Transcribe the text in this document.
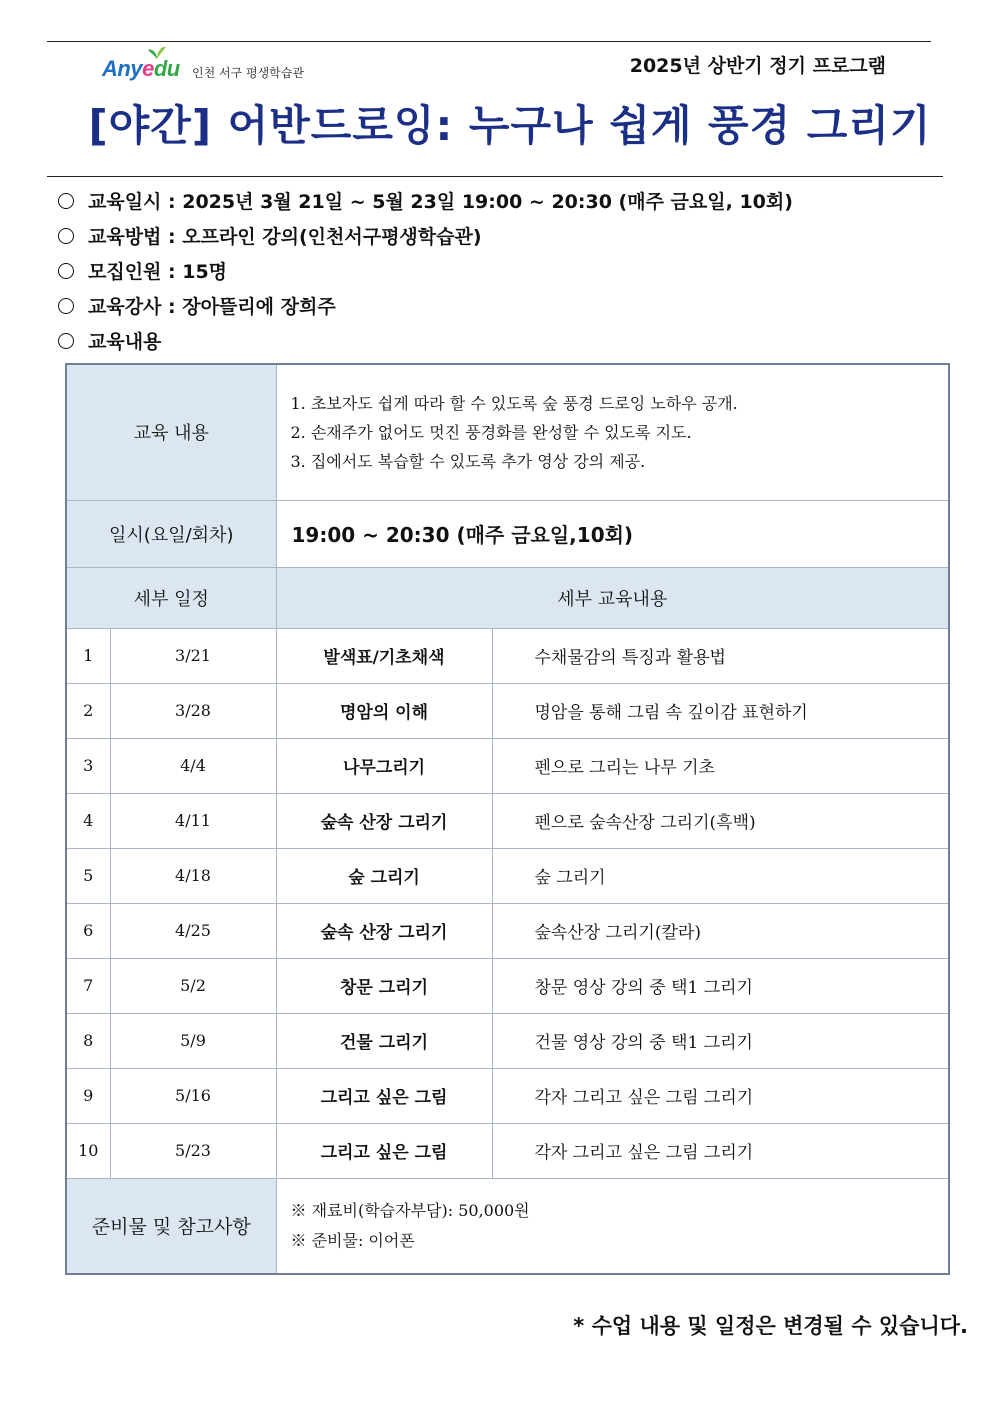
Anyedu 인천 서구 평생학습관	2025년 상반기 정기 프로그램
[야간] 어반드로잉: 누구나 쉽게 풍경 그리기
교육일시 : 2025년 3월 21일 ~ 5월 23일 19:00 ~ 20:30 (매주 금요일, 10회)
교육방법 : 오프라인 강의(인천서구평생학습관)
모집인원 : 15명
교육강사 : 장아뜰리에 장희주
교육내용
교육 내용		1. 초보자도 쉽게 따라 할 수 있도록 숲 풍경 드로잉 노하우 공개.
2. 손재주가 없어도 멋진 풍경화를 완성할 수 있도록 지도.
3. 집에서도 복습할 수 있도록 추가 영상 강의 제공.	

일시(요일/회차)		19:00 ~ 20:30 (매주 금요일,10회)	
세부 일정		세부 교육내용	
1	3/21	발색표/기초채색	수채물감의 특징과 활용법
2	3/28	명암의 이해	명암을 통해 그림 속 깊이감 표현하기
3	4/4	나무그리기	펜으로 그리는 나무 기초
4	4/11	숲속 산장 그리기	펜으로 숲속산장 그리기(흑백)
5	4/18	숲 그리기	숲 그리기
6	4/25	숲속 산장 그리기	숲속산장 그리기(칼라)
7	5/2	창문 그리기	창문 영상 강의 중 택1 그리기
8	5/9	건물 그리기	건물 영상 강의 중 택1 그리기
9	5/16	그리고 싶은 그림	각자 그리고 싶은 그림 그리기
10	5/23	그리고 싶은 그림	각자 그리고 싶은 그림 그리기
준비물 및 참고사항		※ 재료비(학습자부담): 50,000원
※ 준비물: 이어폰	
* 수업 내용 및 일정은 변경될 수 있습니다.
